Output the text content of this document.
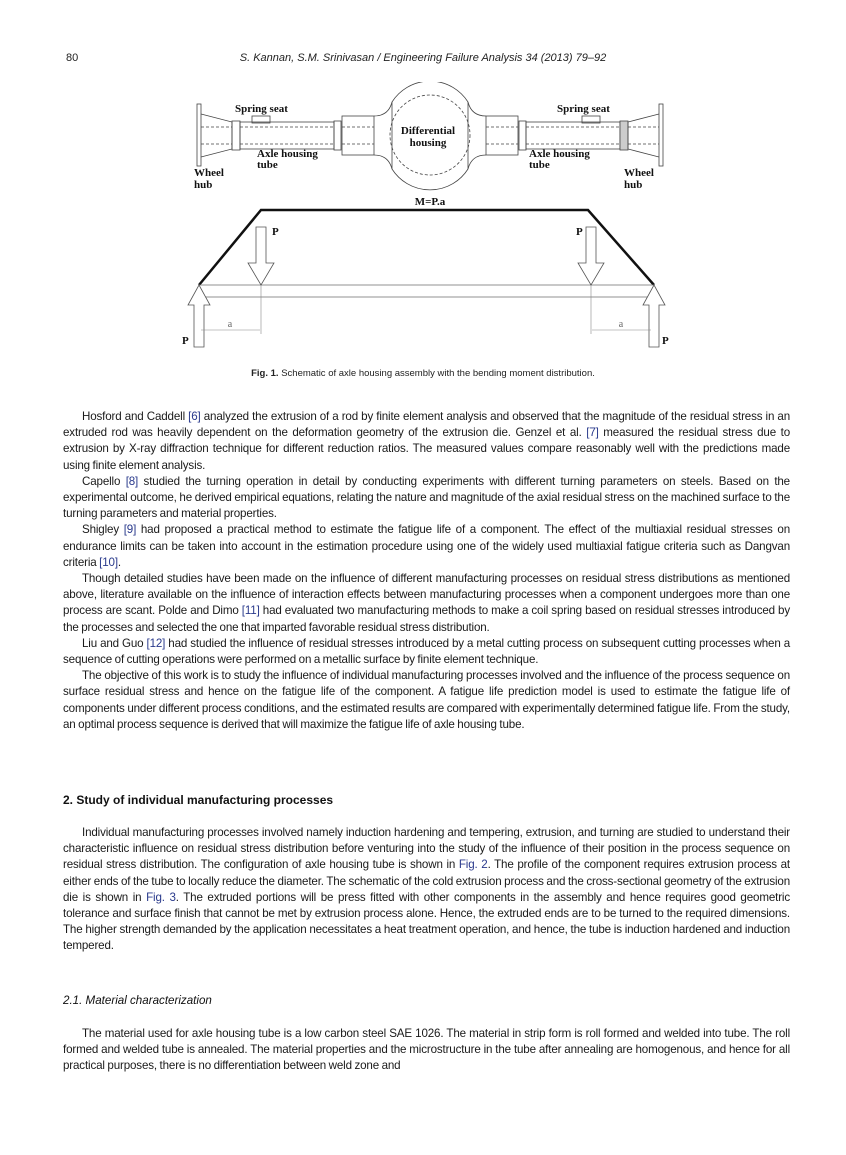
80	S. Kannan, S.M. Srinivasan / Engineering Failure Analysis 34 (2013) 79–92
Spring seat	Spring seat
Differential
housing
Axle housing
tube
Axle housing
tube
Wheel
hub
Wheel
hub
M=P.a
P	P
P	P
a	a
Fig. 1. Schematic of axle housing assembly with the bending moment distribution.

Hosford and Caddell [6] analyzed the extrusion of a rod by finite element analysis and observed that the magnitude of the residual stress in an extruded rod was heavily dependent on the deformation geometry of the extrusion die. Genzel et al. [7] measured the residual stress due to extrusion by X-ray diffraction technique for different reduction ratios. The measured values compare reasonably well with the predictions made using finite element analysis.

Capello [8] studied the turning operation in detail by conducting experiments with different turning parameters on steels. Based on the experimental outcome, he derived empirical equations, relating the nature and magnitude of the axial residual stress on the machined surface to the turning parameters and material properties.

Shigley [9] had proposed a practical method to estimate the fatigue life of a component. The effect of the multiaxial residual stresses on endurance limits can be taken into account in the estimation procedure using one of the widely used multiaxial fatigue criteria such as Dangvan criteria [10].

Though detailed studies have been made on the influence of different manufacturing processes on residual stress distributions as mentioned above, literature available on the influence of interaction effects between manufacturing processes when a component undergoes more than one process are scant. Polde and Dimo [11] had evaluated two manufacturing methods to make a coil spring based on residual stresses introduced by the processes and selected the one that imparted favorable residual stress distribution.

Liu and Guo [12] had studied the influence of residual stresses introduced by a metal cutting process on subsequent cutting processes when a sequence of cutting operations were performed on a metallic surface by finite element technique.

The objective of this work is to study the influence of individual manufacturing processes involved and the influence of the process sequence on surface residual stress and hence on the fatigue life of the component. A fatigue life prediction model is used to estimate the fatigue life of components under different process conditions, and the estimated results are compared with experimentally determined fatigue life. From the study, an optimal process sequence is derived that will maximize the fatigue life of axle housing tube.

2. Study of individual manufacturing processes

Individual manufacturing processes involved namely induction hardening and tempering, extrusion, and turning are studied to understand their characteristic influence on residual stress distribution before venturing into the study of the influence of their position in the process sequence on residual stress distribution. The configuration of axle housing tube is shown in Fig. 2. The profile of the component requires extrusion process at either ends of the tube to locally reduce the diameter. The schematic of the cold extrusion process and the cross-sectional geometry of the extrusion die is shown in Fig. 3. The extruded portions will be press fitted with other components in the assembly and hence requires good geometric tolerance and surface finish that cannot be met by extrusion process alone. Hence, the extruded ends are to be turned to the required dimensions. The higher strength demanded by the application necessitates a heat treatment operation, and hence, the tube is induction hardened and induction tempered.

2.1. Material characterization

The material used for axle housing tube is a low carbon steel SAE 1026. The material in strip form is roll formed and welded into tube. The roll formed and welded tube is annealed. The material properties and the microstructure in the tube after annealing are homogenous, and hence for all practical purposes, there is no differentiation between weld zone and
